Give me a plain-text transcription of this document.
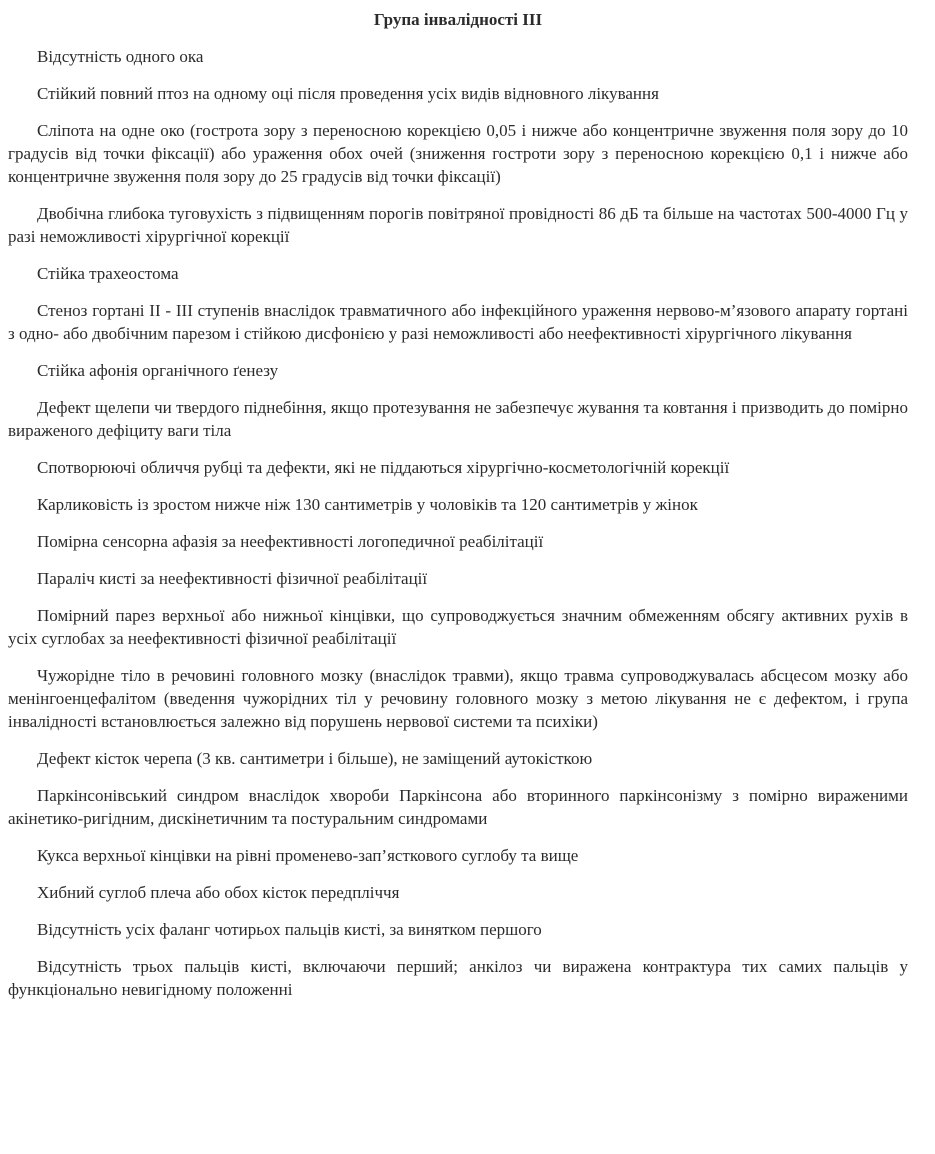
Група інвалідності III

Відсутність одного ока

Стійкий повний птоз на одному оці після проведення усіх видів відновного лікування

Сліпота на одне око (гострота зору з переносною корекцією 0,05 і нижче або концентричне звуження поля зору до 10 градусів від точки фіксації) або ураження обох очей (зниження гостроти зору з переносною корекцією 0,1 і нижче або концентричне звуження поля зору до 25 градусів від точки фіксації)

Двобічна глибока туговухість з підвищенням порогів повітряної провідності 86 дБ та більше на частотах 500-4000 Гц у разі неможливості хірургічної корекції

Стійка трахеостома

Стеноз гортані II - III ступенів внаслідок травматичного або інфекційного ураження нервово-м’язового апарату гортані з одно- або двобічним парезом і стійкою дисфонією у разі неможливості або неефективності хірургічного лікування

Стійка афонія органічного ґенезу

Дефект щелепи чи твердого піднебіння, якщо протезування не забезпечує жування та ковтання і призводить до помірно вираженого дефіциту ваги тіла

Спотворюючі обличчя рубці та дефекти, які не піддаються хірургічно-косметологічній корекції

Карликовість із зростом нижче ніж 130 сантиметрів у чоловіків та 120 сантиметрів у жінок

Помірна сенсорна афазія за неефективності логопедичної реабілітації

Параліч кисті за неефективності фізичної реабілітації

Помірний парез верхньої або нижньої кінцівки, що супроводжується значним обмеженням обсягу активних рухів в усіх суглобах за неефективності фізичної реабілітації

Чужорідне тіло в речовині головного мозку (внаслідок травми), якщо травма супроводжувалась абсцесом мозку або менінгоенцефалітом (введення чужорідних тіл у речовину головного мозку з метою лікування не є дефектом, і група інвалідності встановлюється залежно від порушень нервової системи та психіки)

Дефект кісток черепа (3 кв. сантиметри і більше), не заміщений аутокісткою

Паркінсонівський синдром внаслідок хвороби Паркінсона або вторинного паркінсонізму з помірно вираженими акінетико-ригідним, дискінетичним та постуральним синдромами

Кукса верхньої кінцівки на рівні променево-зап’ясткового суглобу та вище

Хибний суглоб плеча або обох кісток передпліччя

Відсутність усіх фаланг чотирьох пальців кисті, за винятком першого

Відсутність трьох пальців кисті, включаючи перший; анкілоз чи виражена контрактура тих самих пальців у функціонально невигідному положенні
